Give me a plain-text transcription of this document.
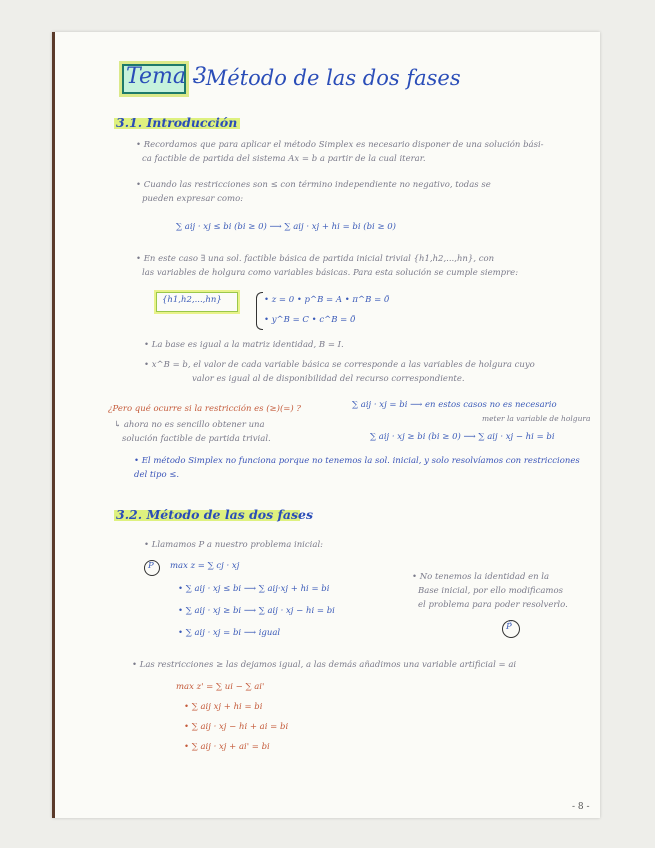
Tema 3
- Método de las dos fases
3.1. Introducción
• Recordamos que para aplicar el método Simplex es necesario disponer de una solución bási-
ca factible de partida del sistema Ax = b a partir de la cual iterar.
• Cuando las restricciones son ≤ con término independiente no negativo, todas se
pueden expresar como:
∑ aij · xj ≤ bi (bi ≥ 0) ⟶ ∑ aij · xj + hi = bi (bi ≥ 0)
• En este caso ∃ una sol. factible básica de partida inicial trivial {h1,h2,...,hn}, con
las variables de holgura como variables básicas. Para esta solución se cumple siempre:
{h1,h2,...,hn}	• z = 0 • p^B = A • π^B = 0̄
• y^B = C • c^B = 0̄
• La base es igual a la matriz identidad, B = I.
• x^B = b, el valor de cada variable básica se corresponde a las variables de holgura cuyo
valor es igual al de disponibilidad del recurso correspondiente.
¿Pero qué ocurre si la restricción es (≥)(=) ?	∑ aij · xj = bi ⟶ en estos casos no es necesario
meter la variable de holgura
↳ ahora no es sencillo obtener una
solución factible de partida trivial.	∑ aij · xj ≥ bi (bi ≥ 0) ⟶ ∑ aij · xj − hi = bi
• El método Simplex no funciona porque no tenemos la sol. inicial, y solo resolvíamos con restricciones
del tipo ≤.
3.2. Método de las dos fases
• Llamamos P a nuestro problema inicial:
P max z = ∑ cj · xj
• ∑ aij · xj ≤ bi ⟶ ∑ aij·xj + hi = bi
• ∑ aij · xj ≥ bi ⟶ ∑ aij · xj − hi = bi
• ∑ aij · xj = bi ⟶ igual
• No tenemos la identidad en la
Base inicial, por ello modificamos
el problema para poder resolverlo.
P̃
• Las restricciones ≥ las dejamos igual, a las demás añadimos una variable artificial = ai
max z' = ∑ ui − ∑ ai'
• ∑ aij xj + hi = bi
• ∑ aij · xj − hi + ai = bi
• ∑ aij · xj + ai' = bi
- 8 -
